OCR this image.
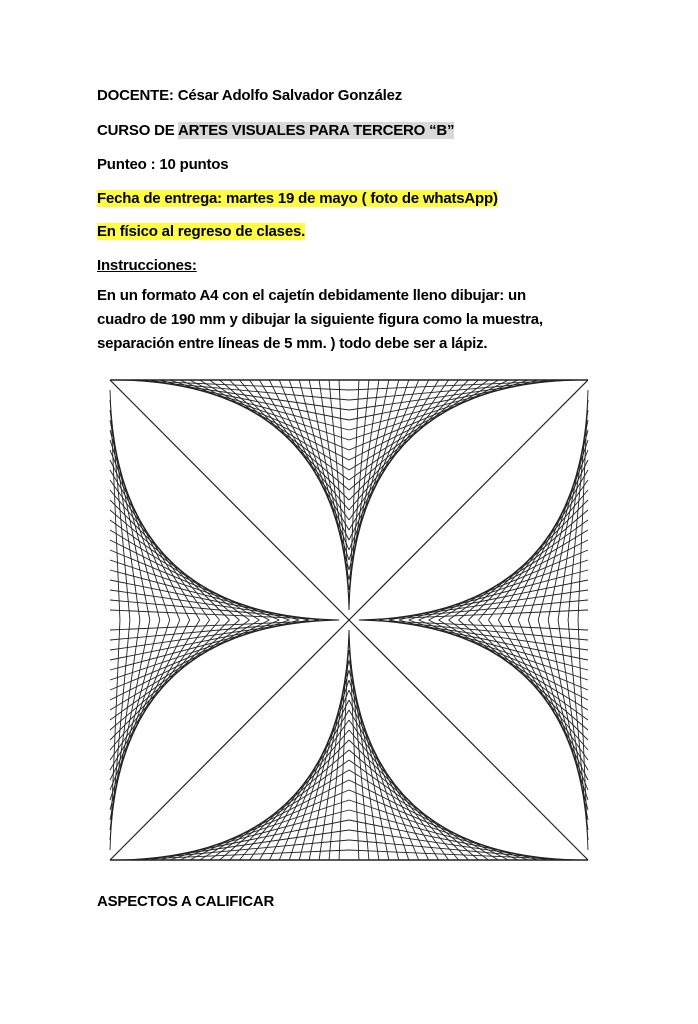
DOCENTE: César Adolfo Salvador González
CURSO DE ARTES VISUALES PARA TERCERO “B”
Punteo : 10 puntos
Fecha de entrega: martes 19 de mayo ( foto de whatsApp)
En físico al regreso de clases.
Instrucciones:
En un formato A4 con el cajetín debidamente lleno dibujar: un
cuadro de 190 mm y dibujar la siguiente figura como la muestra,
separación entre líneas de 5 mm. ) todo debe ser a lápiz.
ASPECTOS A CALIFICAR
